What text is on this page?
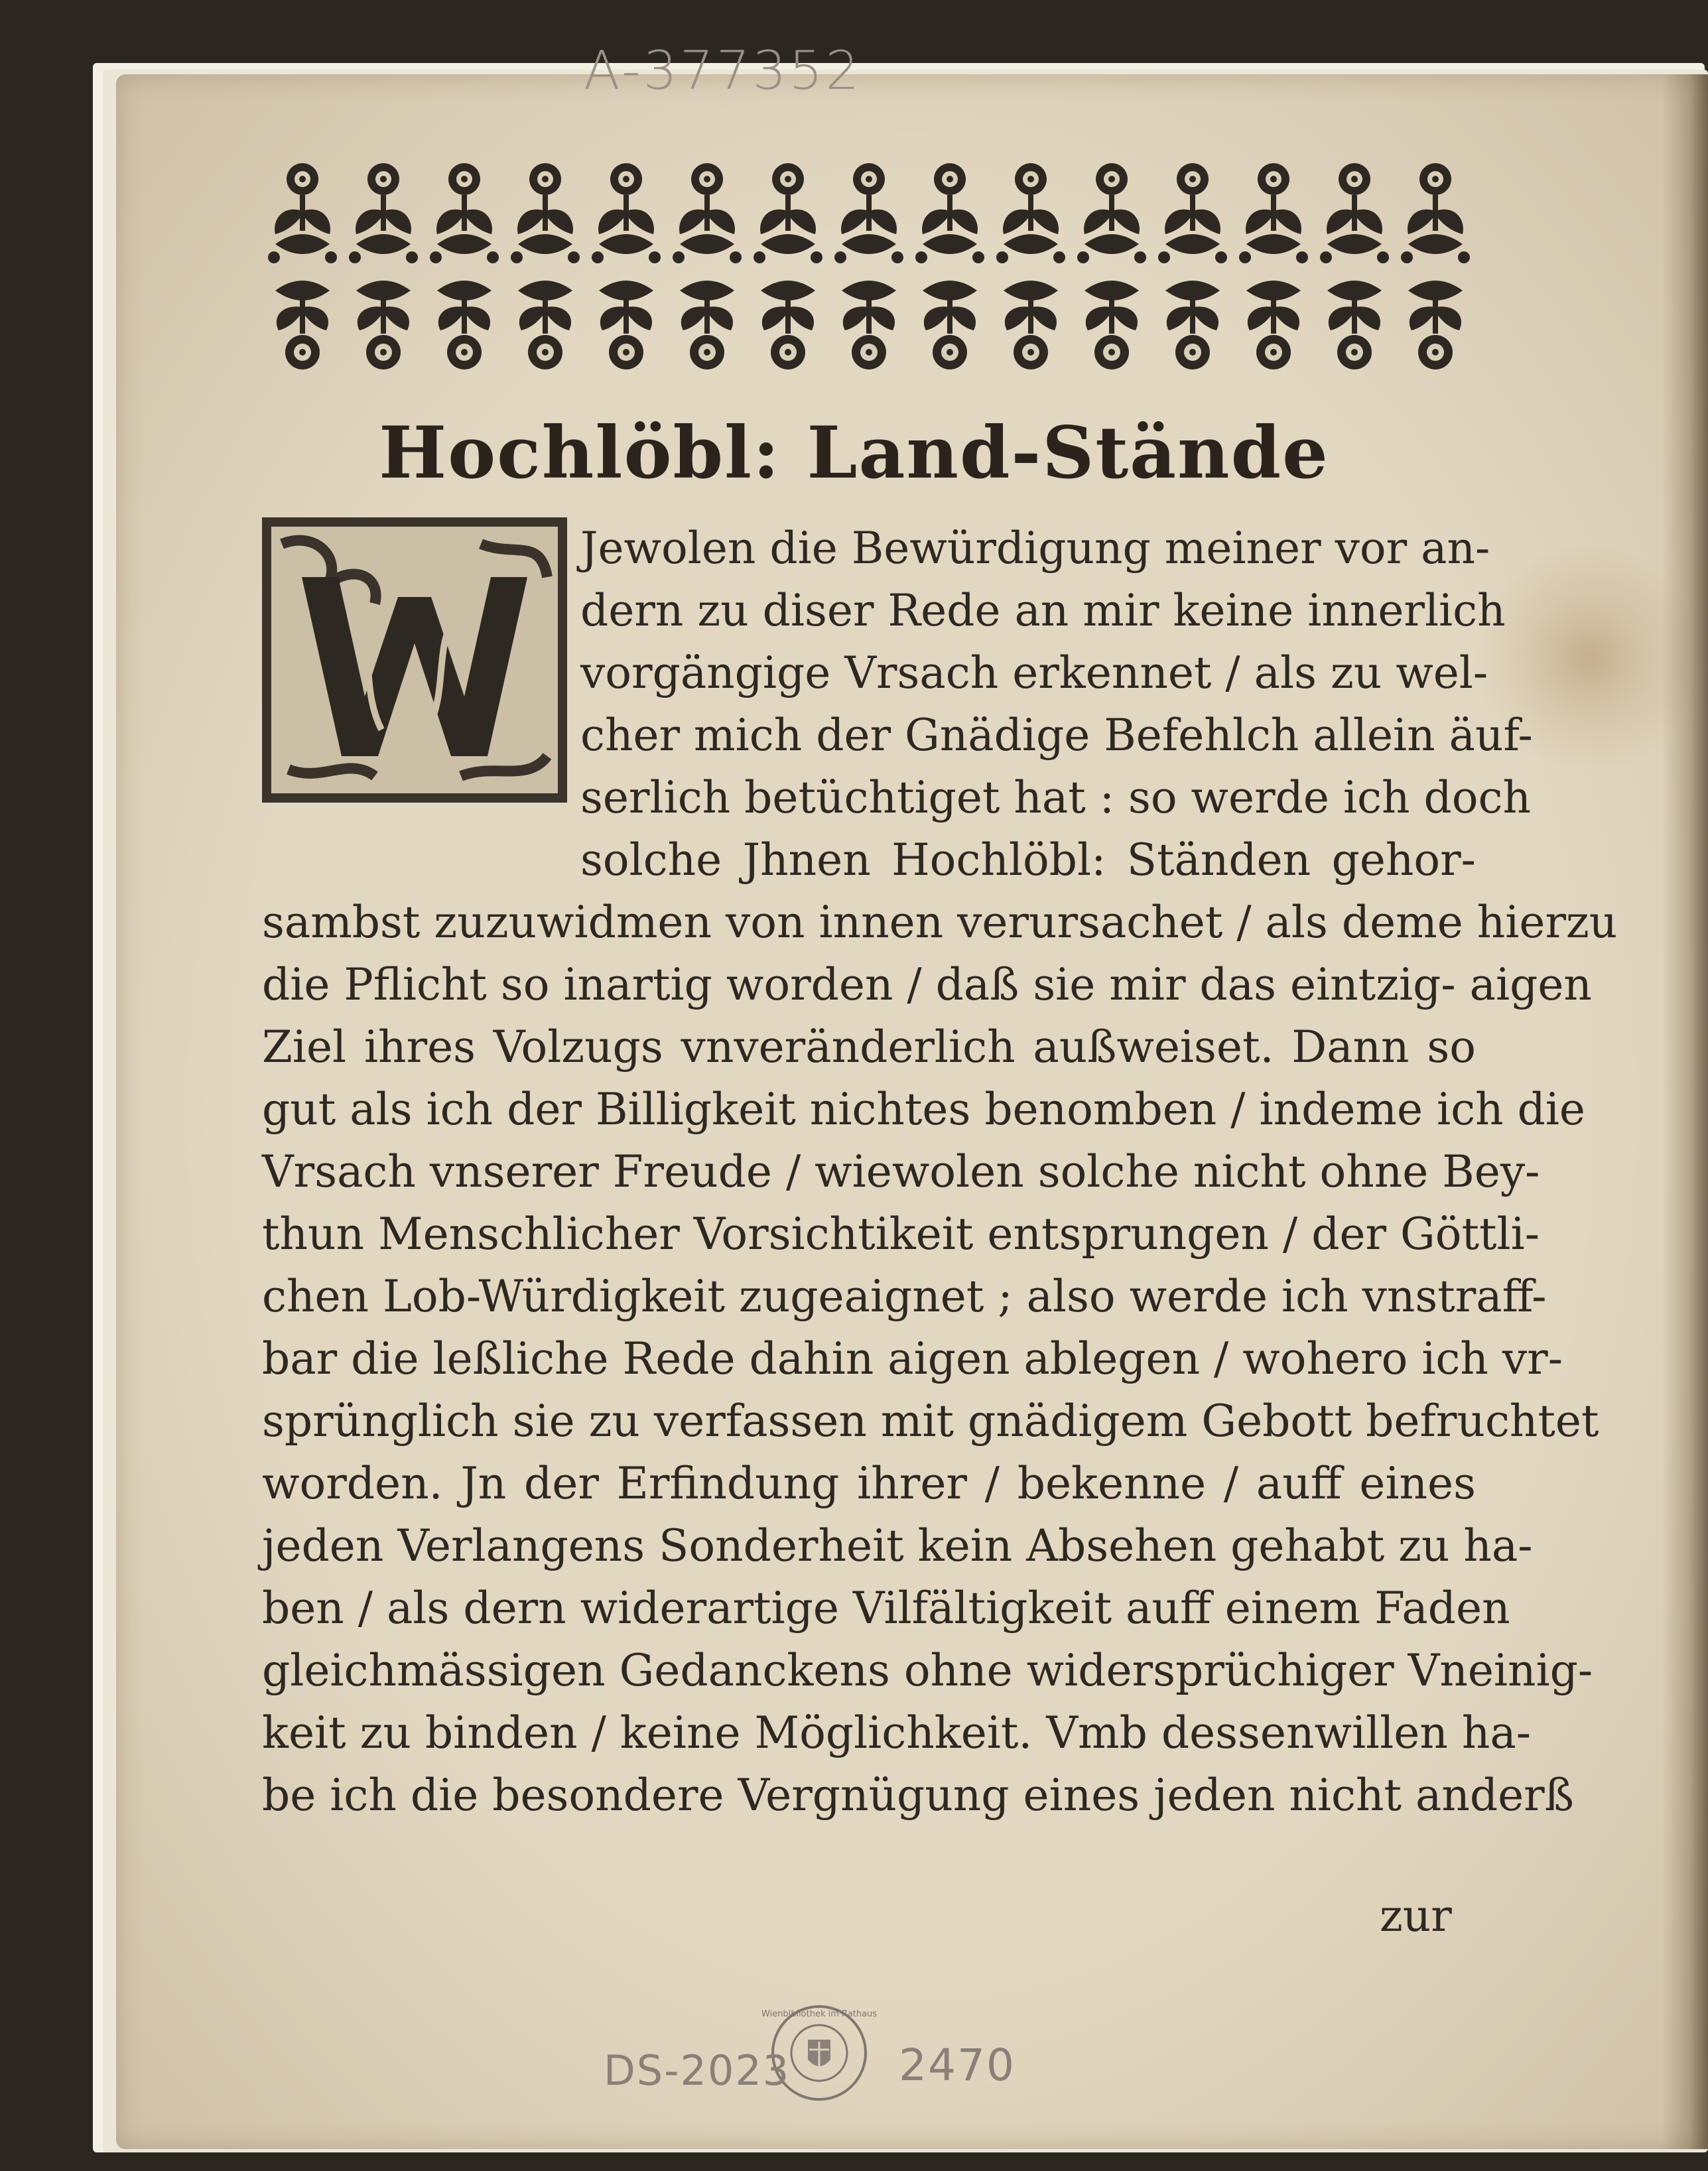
A-377352
Hochlöbl: Land-Stände
W
Jewolen die Bewürdigung meiner vor an-
dern zu diser Rede an mir keine innerlich
vorgängige Vrsach erkennet / als zu wel-
cher mich der Gnädige Befehlch allein äuf-
serlich betüchtiget hat : so werde ich doch
solche Jhnen Hochlöbl: Ständen gehor-
sambst zuzuwidmen von innen verursachet / als deme hierzu
die Pflicht so inartig worden / daß sie mir das eintzig- aigen
Ziel ihres Volzugs vnveränderlich außweiset. Dann so
gut als ich der Billigkeit nichtes benomben / indeme ich die
Vrsach vnserer Freude / wiewolen solche nicht ohne Bey-
thun Menschlicher Vorsichtikeit entsprungen / der Göttli-
chen Lob-Würdigkeit zugeaignet ; also werde ich vnstraff-
bar die leßliche Rede dahin aigen ablegen / wohero ich vr-
sprünglich sie zu verfassen mit gnädigem Gebott befruchtet
worden. Jn der Erfindung ihrer / bekenne / auff eines
jeden Verlangens Sonderheit kein Absehen gehabt zu ha-
ben / als dern widerartige Vilfältigkeit auff einem Faden
gleichmässigen Gedanckens ohne widersprüchiger Vneinig-
keit zu binden / keine Möglichkeit. Vmb dessenwillen ha-
be ich die besondere Vergnügung eines jeden nicht anderß
zur
Wienbibliothek im Rathaus
DS-2023 2470
